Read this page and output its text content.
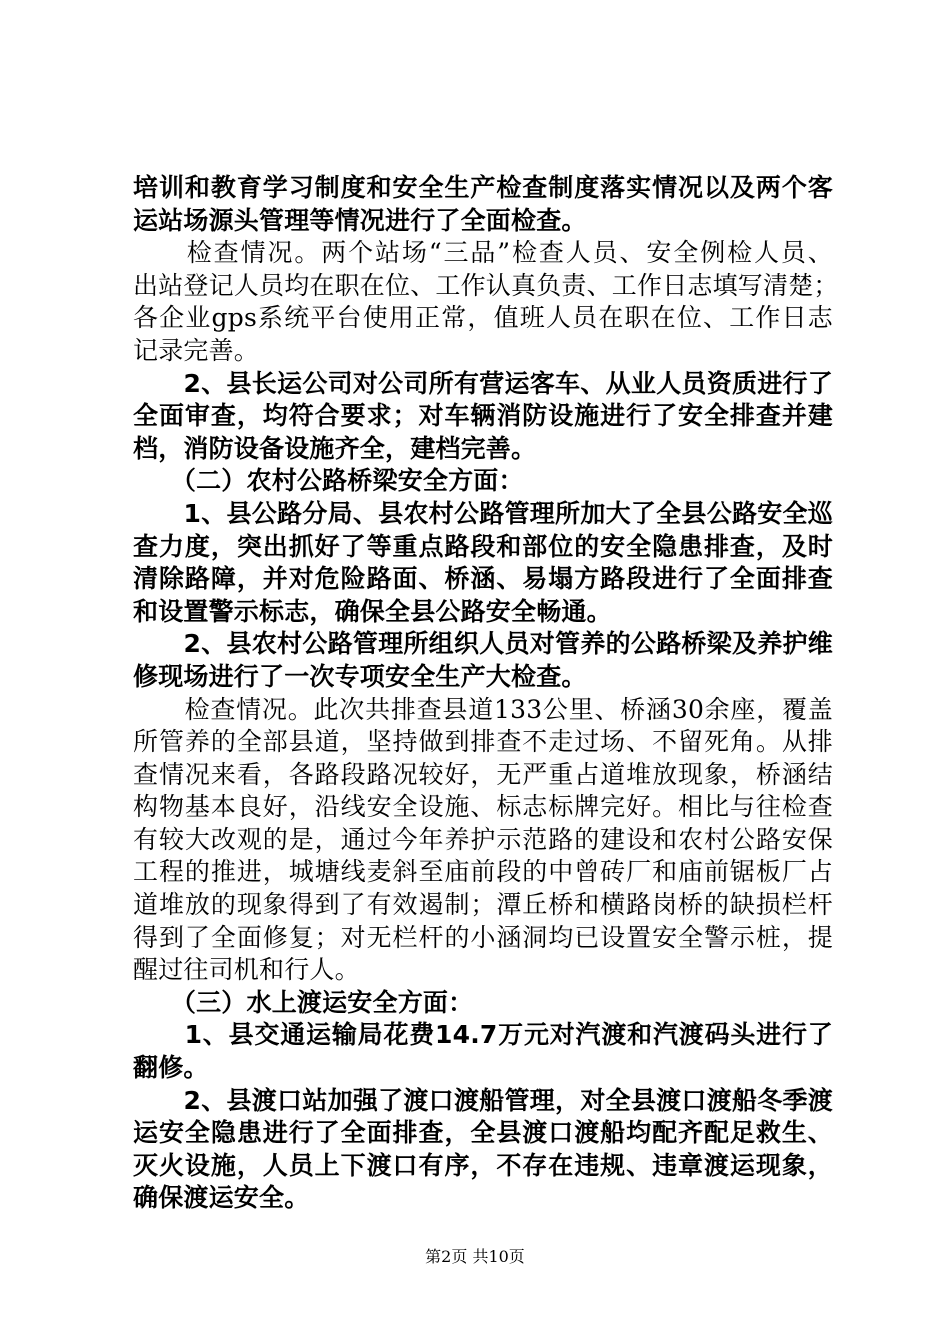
培训和教育学习制度和安全生产检查制度落实情况以及两个客
运站场源头管理等情况进行了全面检查。
　　检查情况。两个站场“三品”检查人员、安全例检人员、
出站登记人员均在职在位、工作认真负责、工作日志填写清楚；
各企业gps系统平台使用正常，值班人员在职在位、工作日志
记录完善。
　　2、县长运公司对公司所有营运客车、从业人员资质进行了
全面审查，均符合要求；对车辆消防设施进行了安全排查并建
档，消防设备设施齐全，建档完善。
　　（二）农村公路桥梁安全方面：
　　1、县公路分局、县农村公路管理所加大了全县公路安全巡
查力度，突出抓好了等重点路段和部位的安全隐患排查，及时
清除路障，并对危险路面、桥涵、易塌方路段进行了全面排查
和设置警示标志，确保全县公路安全畅通。
　　2、县农村公路管理所组织人员对管养的公路桥梁及养护维
修现场进行了一次专项安全生产大检查。
　　检查情况。此次共排查县道133公里、桥涵30余座，覆盖
所管养的全部县道，坚持做到排查不走过场、不留死角。从排
查情况来看，各路段路况较好，无严重占道堆放现象，桥涵结
构物基本良好，沿线安全设施、标志标牌完好。相比与往检查
有较大改观的是，通过今年养护示范路的建设和农村公路安保
工程的推进，城塘线麦斜至庙前段的中曾砖厂和庙前锯板厂占
道堆放的现象得到了有效遏制；潭丘桥和横路岗桥的缺损栏杆
得到了全面修复；对无栏杆的小涵洞均已设置安全警示桩，提
醒过往司机和行人。
　　（三）水上渡运安全方面：
　　1、县交通运输局花费14.7万元对汽渡和汽渡码头进行了
翻修。
　　2、县渡口站加强了渡口渡船管理，对全县渡口渡船冬季渡
运安全隐患进行了全面排查，全县渡口渡船均配齐配足救生、
灭火设施，人员上下渡口有序，不存在违规、违章渡运现象，
确保渡运安全。
第2页 共10页
